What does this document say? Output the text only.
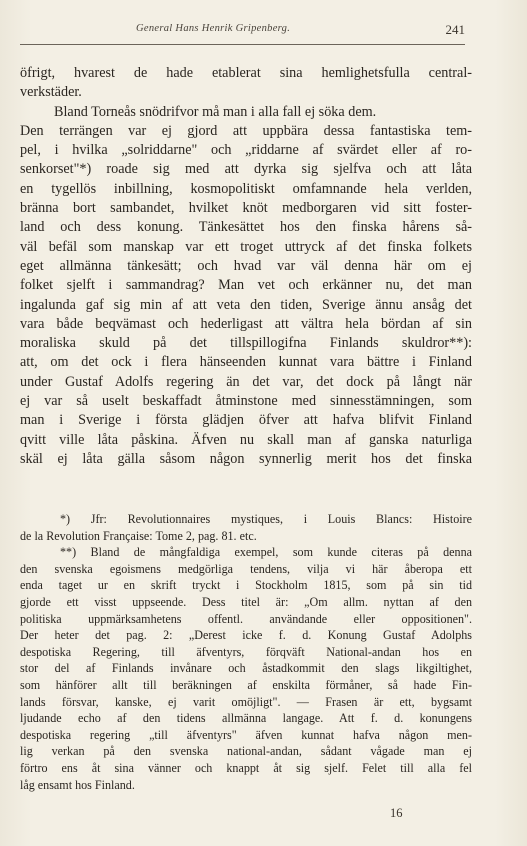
General Hans Henrik Gripenberg.	241
öfrigt, hvarest de hade etablerat sina hemlighetsfulla central-
verkstäder.
Bland Torneås snödrifvor må man i alla fall ej söka dem.
Den terrängen var ej gjord att uppbära dessa fantastiska tem-
pel, i hvilka „solriddarne" och „riddarne af svärdet eller af ro-
senkorset"*) roade sig med att dyrka sig sjelfva och att låta
en tygellös inbillning, kosmopolitiskt omfamnande hela verlden,
bränna bort sambandet, hvilket knöt medborgaren vid sitt foster-
land och dess konung. Tänkesättet hos den finska hårens så-
väl befäl som manskap var ett troget uttryck af det finska folkets
eget allmänna tänkesätt; och hvad var väl denna här om ej
folket sjelft i sammandrag? Man vet och erkänner nu, det man
ingalunda gaf sig min af att veta den tiden, Sverige ännu ansåg det
vara både beqvämast och hederligast att vältra hela bördan af sin
moraliska skuld på det tillspillogifna Finlands skuldror**):
att, om det ock i flera hänseenden kunnat vara bättre i Finland
under Gustaf Adolfs regering än det var, det dock på långt när
ej var så uselt beskaffadt åtminstone med sinnesstämningen, som
man i Sverige i första glädjen öfver att hafva blifvit Finland
qvitt ville låta påskina. Äfven nu skall man af ganska naturliga
skäl ej låta gälla såsom någon synnerlig merit hos det finska
*) Jfr: Revolutionnaires mystiques, i Louis Blancs: Histoire
de la Revolution Française: Tome 2, pag. 81. etc.
**) Bland de mångfaldiga exempel, som kunde citeras på denna
den svenska egoismens medgörliga tendens, vilja vi här åberopa ett
enda taget ur en skrift tryckt i Stockholm 1815, som på sin tid
gjorde ett visst uppseende. Dess titel är: „Om allm. nyttan af den
politiska uppmärksamhetens offentl. användande eller oppositionen".
Der heter det pag. 2: „Derest icke f. d. Konung Gustaf Adolphs
despotiska Regering, till äfventyrs, förqväft National-andan hos en
stor del af Finlands invånare och åstadkommit den slags likgiltighet,
som hänförer allt till beräkningen af enskilta förmåner, så hade Fin-
lands försvar, kanske, ej varit omöjligt". — Frasen är ett, bygsamt
ljudande echo af den tidens allmänna langage. Att f. d. konungens
despotiska regering „till äfventyrs" äfven kunnat hafva någon men-
lig verkan på den svenska national-andan, sådant vågade man ej
förtro ens åt sina vänner och knappt åt sig sjelf. Felet till alla fel
låg ensamt hos Finland.
16
